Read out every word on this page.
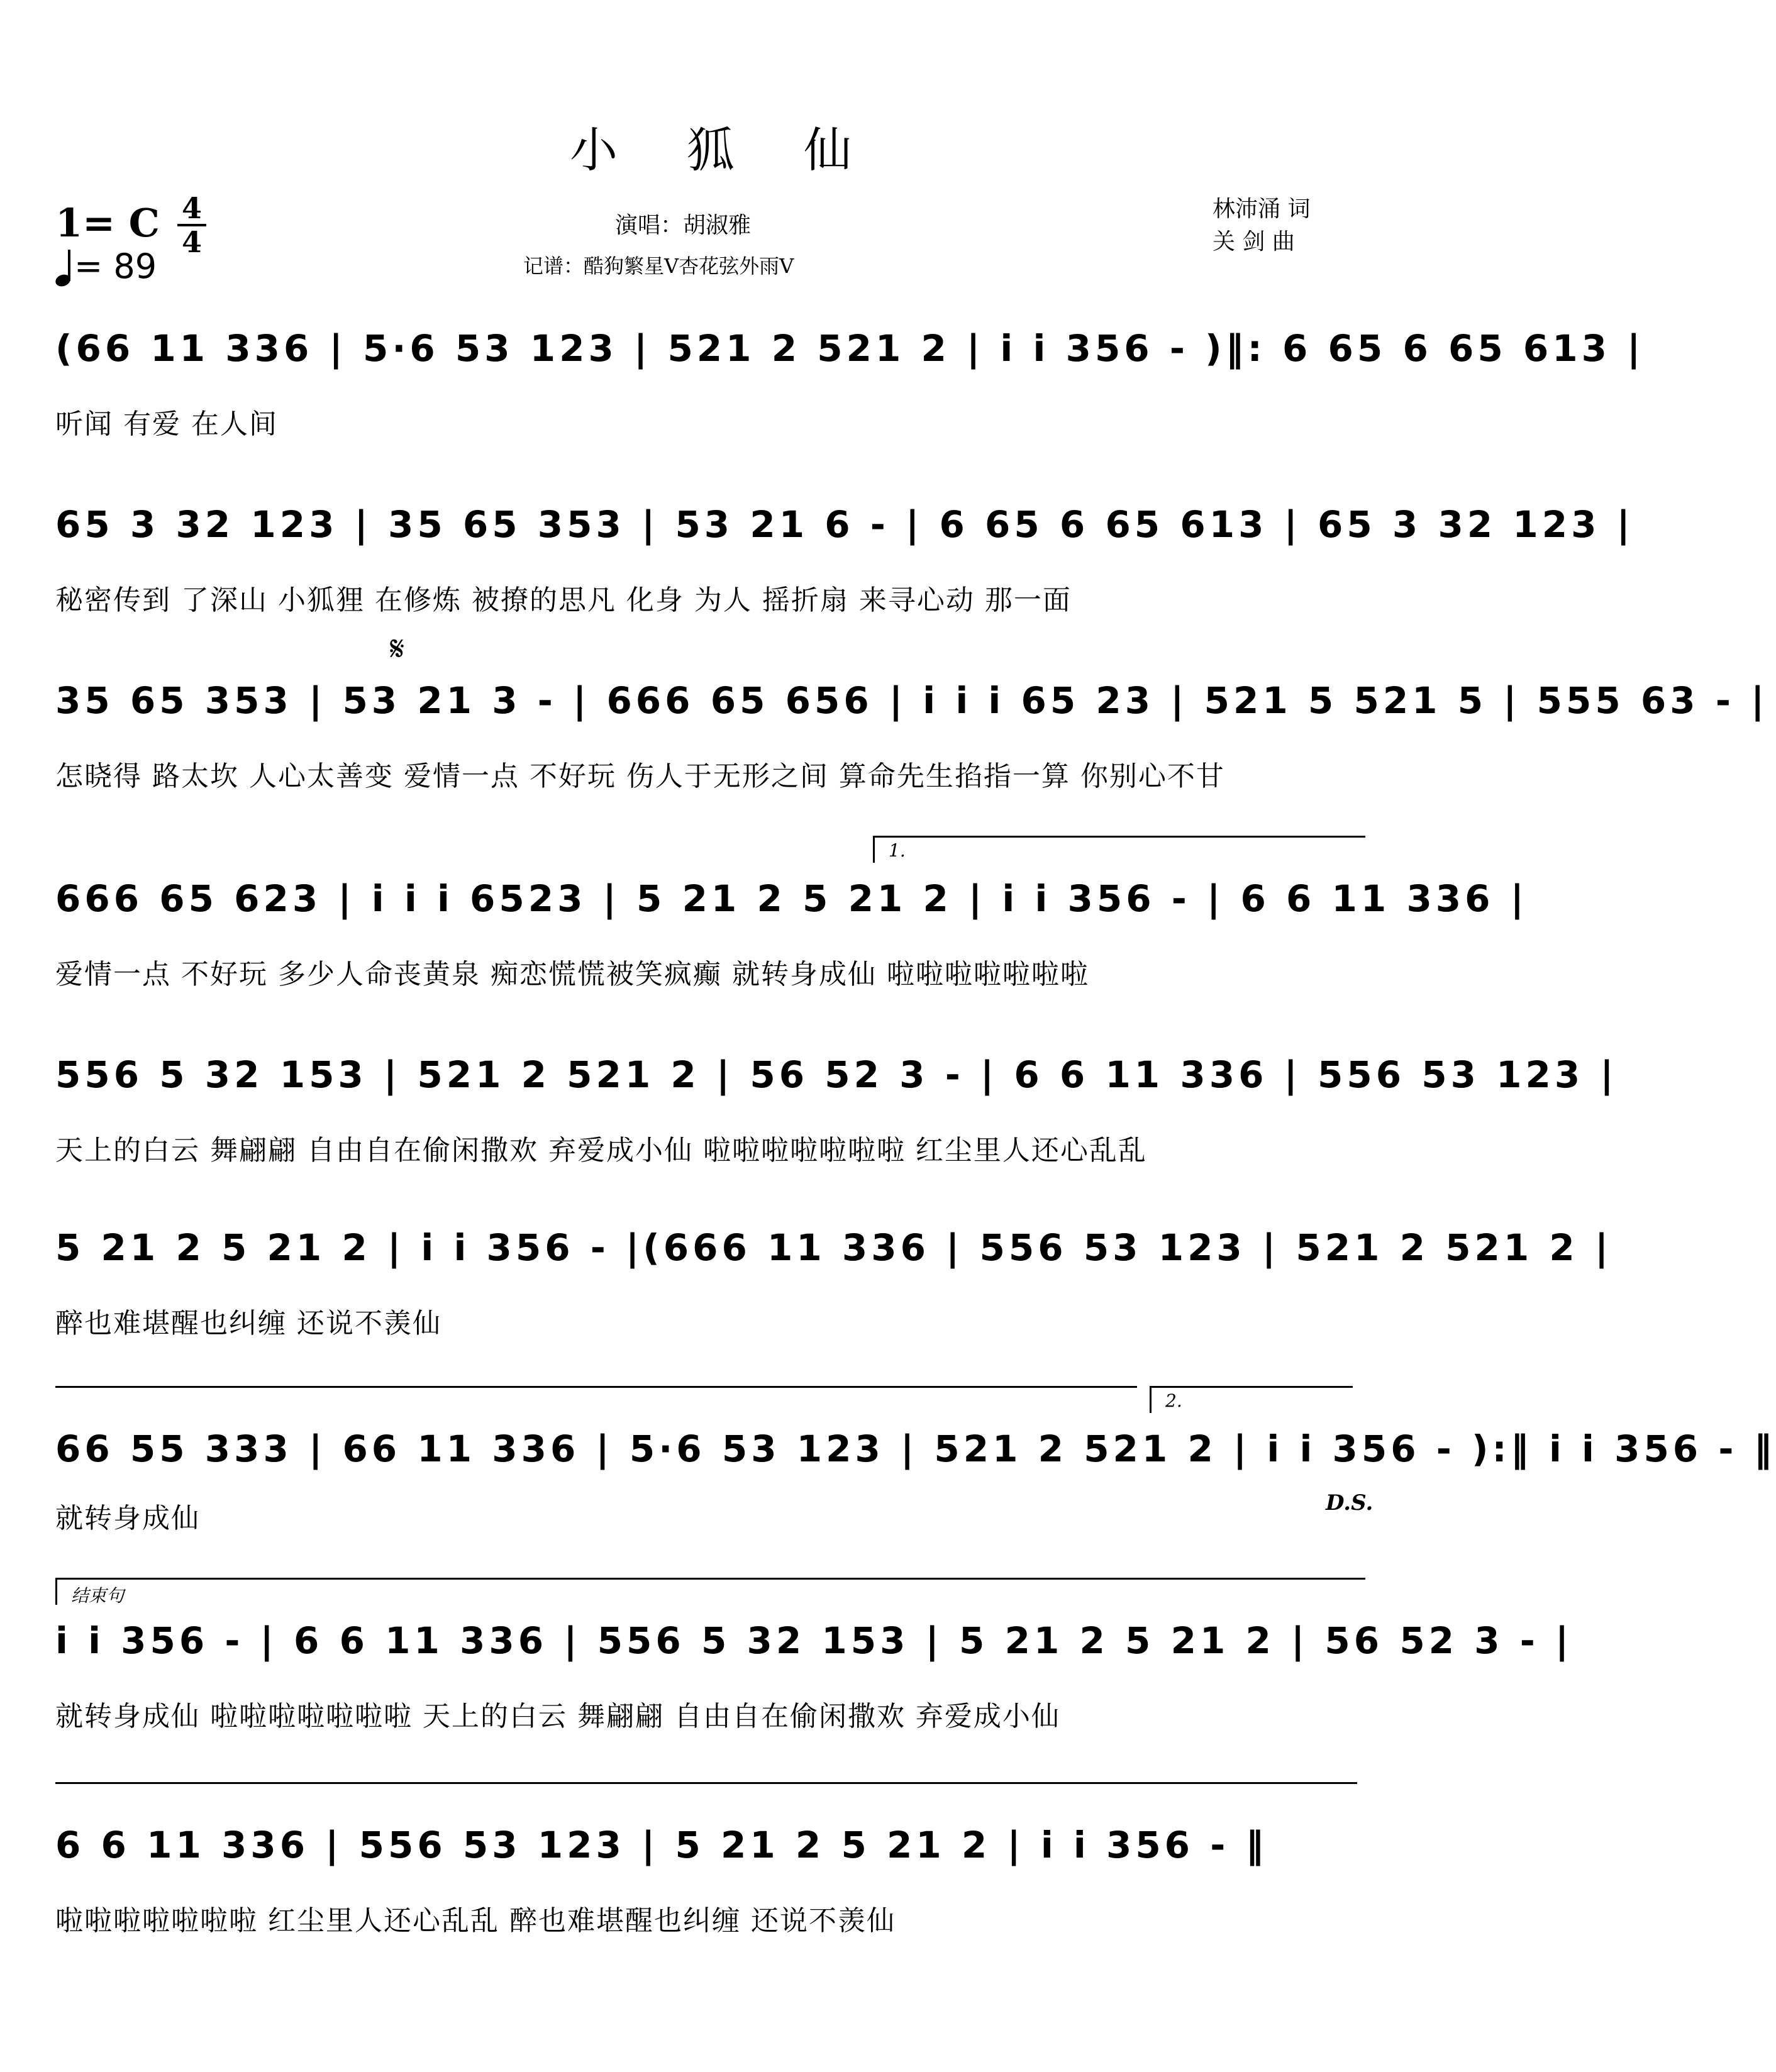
小狐仙
1= C 4
4
= 89
演唱：胡淑雅
记谱：酷狗繁星V杏花弦外雨V
林沛涌 词
关 剑 曲
𝄋
D.S.
(66 11 336 | 5·6 53 123 | 521 2 521 2 | i i 356 - )‖: 6 65 6 65 613 |
听闻 有爱 在人间
65 3 32 123 | 35 65 353 | 53 21 6 - | 6 65 6 65 613 | 65 3 32 123 |
秘密传到 了深山 小狐狸 在修炼 被撩的思凡 化身 为人 摇折扇 来寻心动 那一面
35 65 353 | 53 21 3 - | 666 65 656 | i i i 65 23 | 521 5 521 5 | 555 63 - |
怎晓得 路太坎 人心太善变 爱情一点 不好玩 伤人于无形之间 算命先生掐指一算 你别心不甘
1.
666 65 623 | i i i 6523 | 5 21 2 5 21 2 | i i 356 - | 6 6 11 336 |
爱情一点 不好玩 多少人命丧黄泉 痴恋慌慌被笑疯癫 就转身成仙 啦啦啦啦啦啦啦
556 5 32 153 | 521 2 521 2 | 56 52 3 - | 6 6 11 336 | 556 53 123 |
天上的白云 舞翩翩 自由自在偷闲撒欢 弃爱成小仙 啦啦啦啦啦啦啦 红尘里人还心乱乱
5 21 2 5 21 2 | i i 356 - |(666 11 336 | 556 53 123 | 521 2 521 2 |
醉也难堪醒也纠缠 还说不羡仙
2.
66 55 333 | 66 11 336 | 5·6 53 123 | 521 2 521 2 | i i 356 - ):‖ i i 356 - ‖
就转身成仙
结束句
i i 356 - | 6 6 11 336 | 556 5 32 153 | 5 21 2 5 21 2 | 56 52 3 - |
就转身成仙 啦啦啦啦啦啦啦 天上的白云 舞翩翩 自由自在偷闲撒欢 弃爱成小仙
6 6 11 336 | 556 53 123 | 5 21 2 5 21 2 | i i 356 - ‖
啦啦啦啦啦啦啦 红尘里人还心乱乱 醉也难堪醒也纠缠 还说不羡仙
